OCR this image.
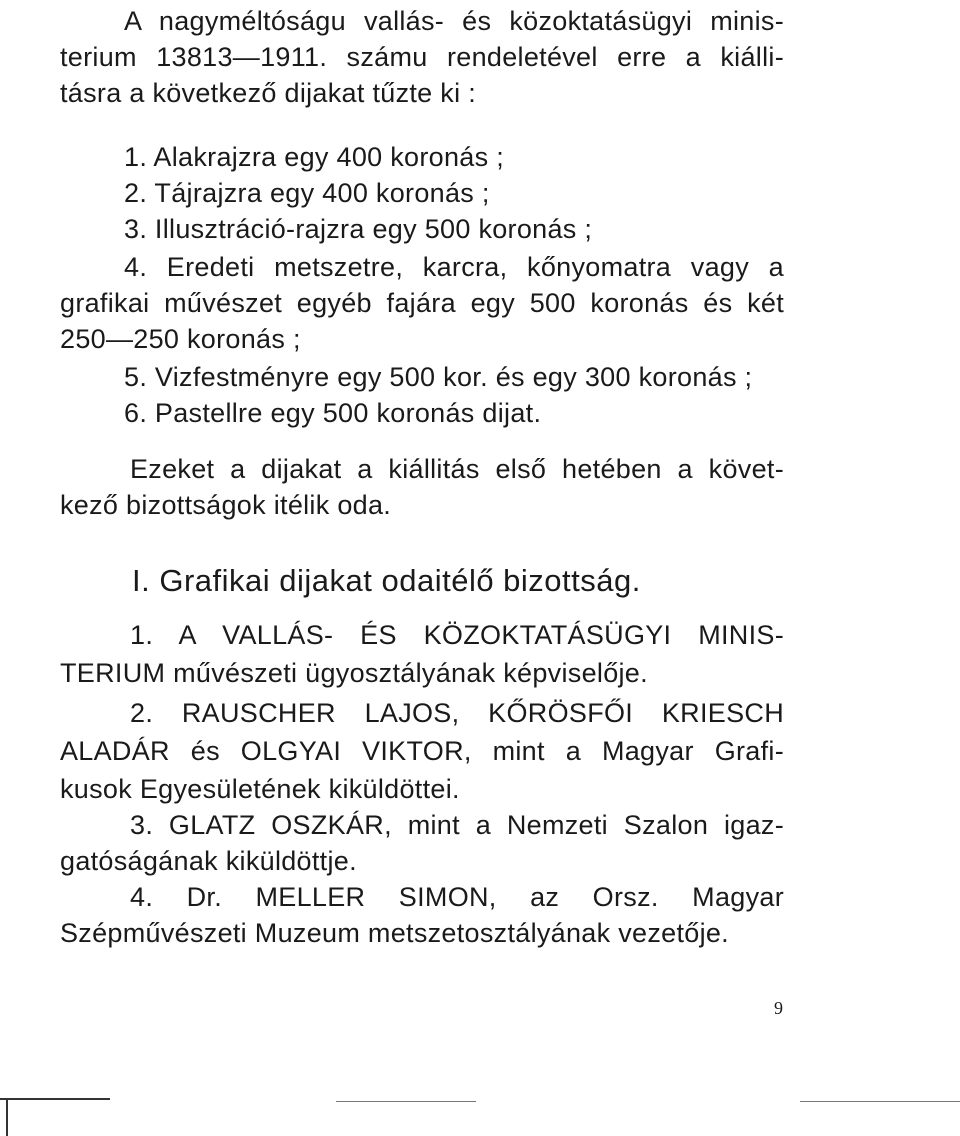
A nagyméltóságu vallás- és közoktatásügyi minis-
terium 13813—1911. számu rendeletével erre a kiálli-
tásra a következő dijakat tűzte ki :
1. Alakrajzra egy 400 koronás ;
2. Tájrajzra egy 400 koronás ;
3. Illusztráció-rajzra egy 500 koronás ;
4. Eredeti metszetre, karcra, kőnyomatra vagy a
grafikai művészet egyéb fajára egy 500 koronás és két
250—250 koronás ;
5. Vizfestményre egy 500 kor. és egy 300 koronás ;
6. Pastellre egy 500 koronás dijat.
Ezeket a dijakat a kiállitás első hetében a követ-
kező bizottságok itélik oda.
I. Grafikai dijakat odaitélő bizottság.
1. A VALLÁS- ÉS KÖZOKTATÁSÜGYI MINIS-
TERIUM művészeti ügyosztályának képviselője.
2. RAUSCHER LAJOS, KŐRÖSFŐI KRIESCH
ALADÁR és OLGYAI VIKTOR, mint a Magyar Grafi-
kusok Egyesületének kiküldöttei.
3. GLATZ OSZKÁR, mint a Nemzeti Szalon igaz-
gatóságának kiküldöttje.
4. Dr. MELLER SIMON, az Orsz. Magyar
Szépművészeti Muzeum metszetosztályának vezetője.
9
